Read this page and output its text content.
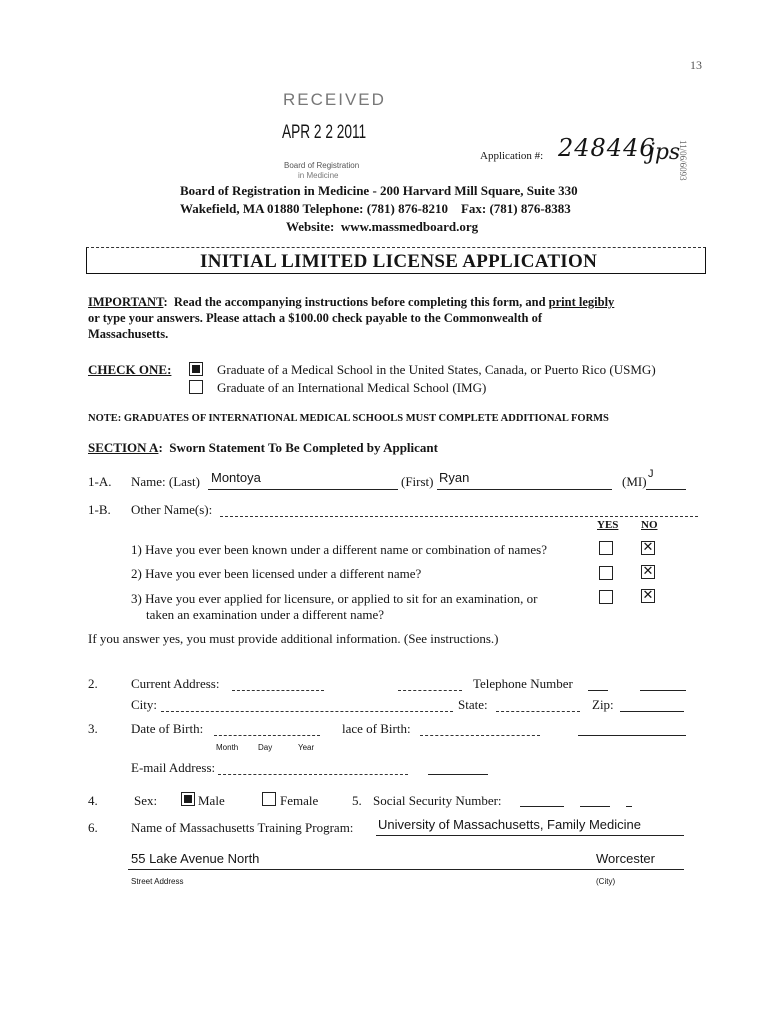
13
11/06/6093
RECEIVED
APR 2 2 2011
Board of Registration
in Medicine
Application #: 248446
jps
Board of Registration in Medicine - 200 Harvard Mill Square, Suite 330
Wakefield, MA 01880 Telephone: (781) 876-8210    Fax: (781) 876-8383
Website:  www.massmedboard.org
INITIAL LIMITED LICENSE APPLICATION
IMPORTANT:  Read the accompanying instructions before completing this form, and print legibly
or type your answers. Please attach a $100.00 check payable to the Commonwealth of
Massachusetts.
CHECK ONE:	Graduate of a Medical School in the United States, Canada, or Puerto Rico (USMG)
Graduate of an International Medical School (IMG)
NOTE: GRADUATES OF INTERNATIONAL MEDICAL SCHOOLS MUST COMPLETE ADDITIONAL FORMS
SECTION A:  Sworn Statement To Be Completed by Applicant
1-A. Name: (Last) Montoya	(First) Ryan	(MI) J
1-B. Other Name(s):
YES NO
1) Have you ever been known under a different name or combination of names?	✕
2) Have you ever been licensed under a different name?	✕
3) Have you ever applied for licensure, or applied to sit for an examination, or
taken an examination under a different name?
✕
If you answer yes, you must provide additional information. (See instructions.)
2.	Current Address:	Telephone Number
City:	State:	Zip:
3.	Date of Birth:
Month Day	Year
lace of Birth:
E-mail Address:
4.	Sex:	Male	Female	5. Social Security Number:
6.	Name of Massachusetts Training Program: University of Massachusetts, Family Medicine
55 Lake Avenue North	Worcester
Street Address	(City)
